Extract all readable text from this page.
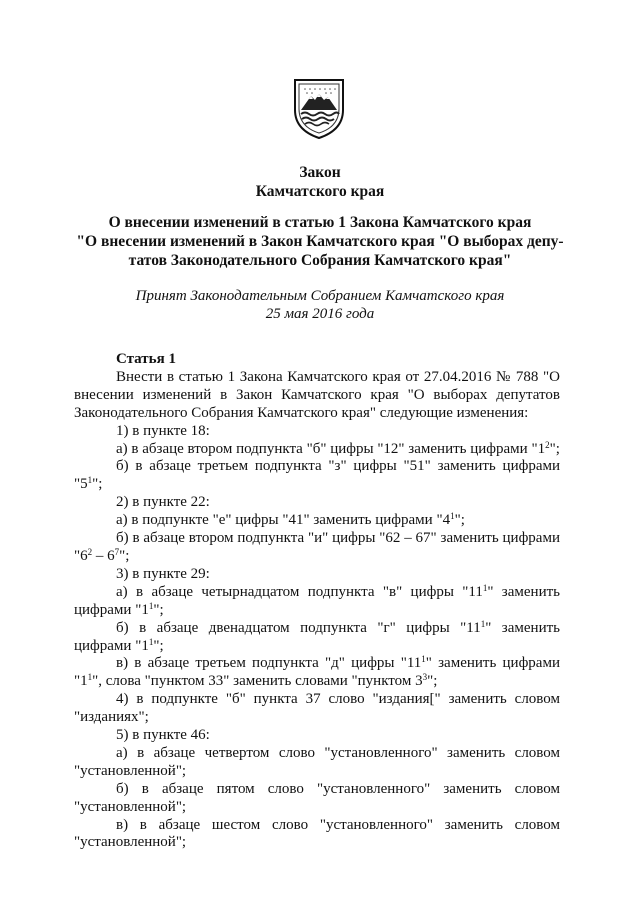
Закон
Камчатского края
О внесении изменений в статью 1 Закона Камчатского края
"О внесении изменений в Закон Камчатского края "О выборах депу-
татов Законодательного Собрания Камчатского края"
Принят Законодательным Собранием Камчатского края
25 мая 2016 года
Статья 1

Внести в статью 1 Закона Камчатского края от 27.04.2016 № 788 "О внесении изменений в Закон Камчатского края "О выборах депутатов Законодательного Собрания Камчатского края" следующие изменения:

1) в пункте 18:

а) в абзаце втором подпункта "б" цифры "12" заменить цифрами "$1^2$";

б) в абзаце третьем подпункта "з" цифры "51" заменить цифрами "$5^1$";

2) в пункте 22:

а) в подпункте "е" цифры "41" заменить цифрами "$4^1$";

б) в абзаце втором подпункта "и" цифры "62 – 67" заменить цифрами "$6^2 - 6^7$";

3) в пункте 29:

а) в абзаце четырнадцатом подпункта "в" цифры "$11^1$" заменить цифрами "$1^1$";

б) в абзаце двенадцатом подпункта "г" цифры "$11^1$" заменить цифрами "$1^1$";

в) в абзаце третьем подпункта "д" цифры "$11^1$" заменить цифрами "$1^1$", слова "пунктом 33" заменить словами "пунктом $3^3$";

4) в подпункте "б" пункта 37 слово "издания[" заменить словом "изданиях";

5) в пункте 46:

а) в абзаце четвертом слово "установленного" заменить словом "установленной";

б) в абзаце пятом слово "установленного" заменить словом "установленной";

в) в абзаце шестом слово "установленного" заменить словом "установленной";
